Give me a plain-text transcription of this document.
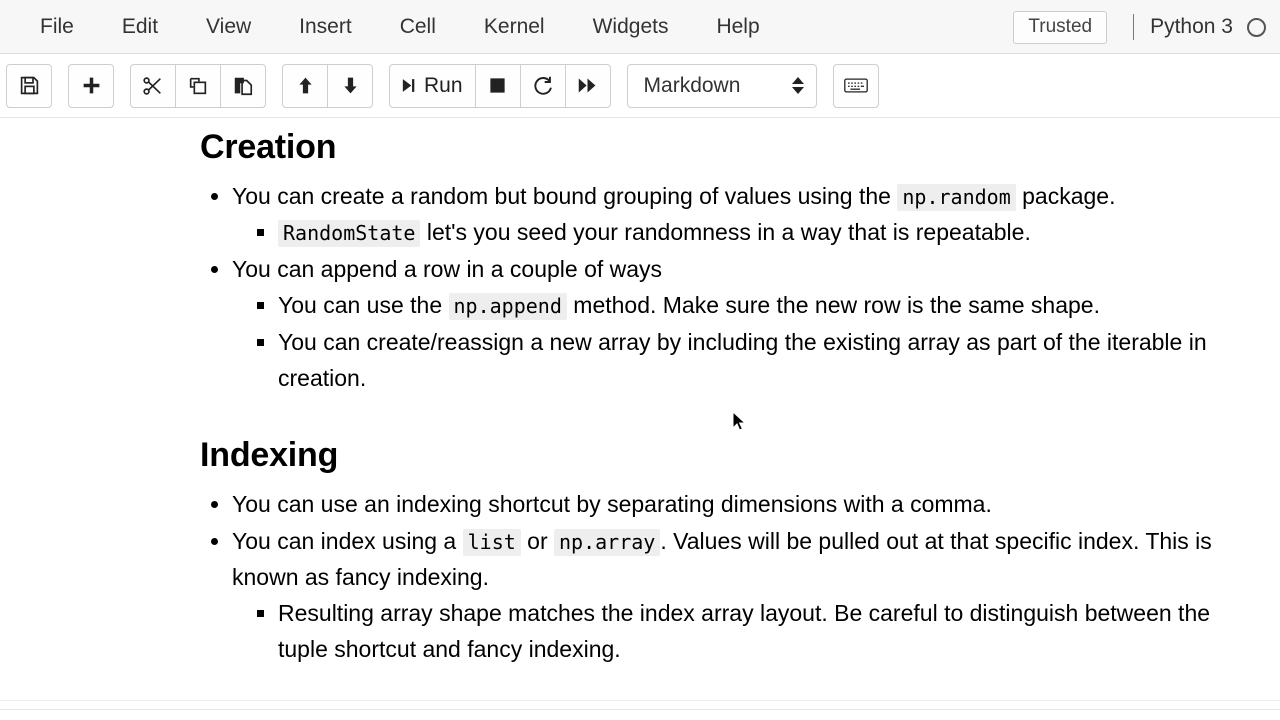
File	Edit	View	Insert	Cell	Kernel	Widgets	Help	Trusted	Python 3
Run	Markdown
Creation
• You can create a random but bound grouping of values using the np.random package.
▪ RandomState let's you seed your randomness in a way that is repeatable.
• You can append a row in a couple of ways
▪ You can use the np.append method. Make sure the new row is the same shape.
▪ You can create/reassign a new array by including the existing array as part of the iterable in creation.
Indexing
• You can use an indexing shortcut by separating dimensions with a comma.
• You can index using a list or np.array . Values will be pulled out at that specific index. This is known as fancy indexing.
▪ Resulting array shape matches the index array layout. Be careful to distinguish between the tuple shortcut and fancy indexing.
